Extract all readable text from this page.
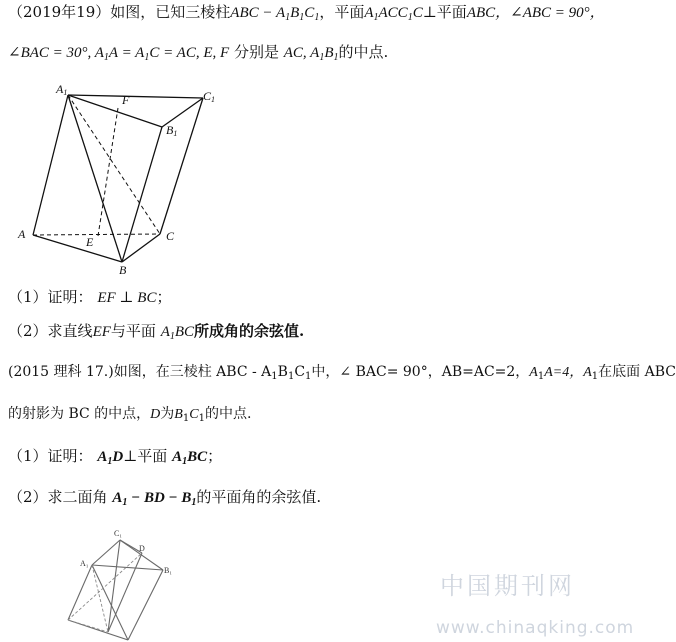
（2019年19）如图，已知三棱柱ABC − $A_1B_1C_1$，平面$A_1ACC_1C\perp$平面ABC，∠ABC = 90°，
∠BAC = 30°, $A_1A = A_1C$ = AC, E, F 分别是 AC, $A_1B_1$的中点.
A1
F	C1
B1
A
E	C
B
（1）证明： EF ⊥ BC；
（2）求直线EF与平面 $A_1BC$所成角的余弦值.
(2015 理科 17.)如图，在三棱柱 ABC - $A_1B_1C_1$中，∠ BAC= 90°，AB=AC=2，$A_1A=4$，$A_1$在底面 ABC
的射影为 BC 的中点，D为$B_1C_1$的中点.
（1）证明： $A_1D\perp$平面 $A_1BC$；
（2）求二面角 $A_1$ − BD − $B_1$的平面角的余弦值.
C₁
D
A₁
B₁
中国期刊网
www.chinaqking.com
